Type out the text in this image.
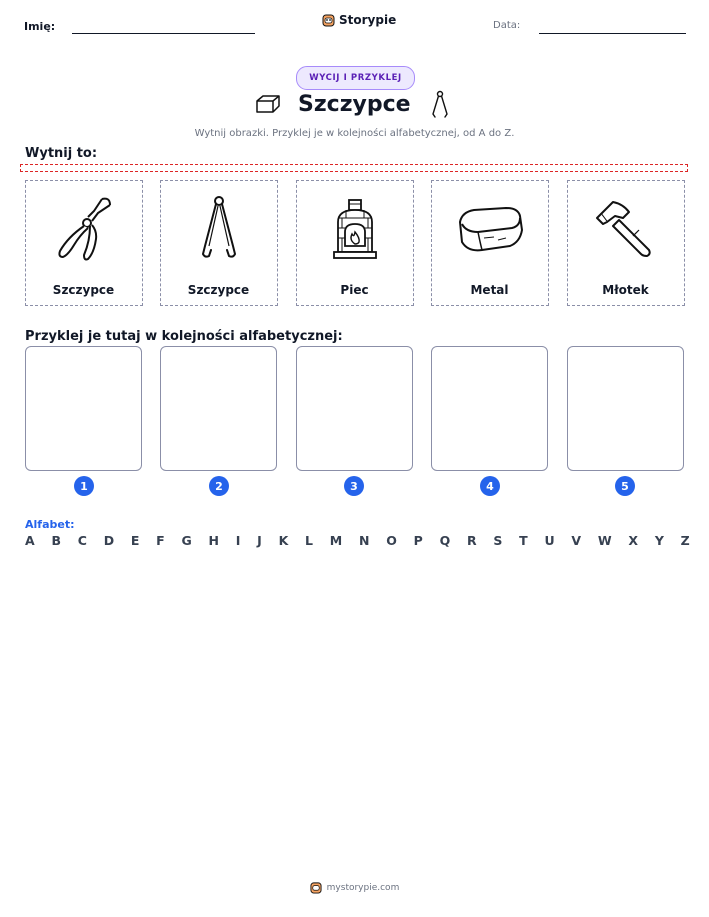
Imię:	Storypie	Data:
WYCIJ I PRZYKLEJ
Szczypce
Wytnij obrazki. Przyklej je w kolejności alfabetycznej, od A do Z.
Wytnij to:
Szczypce	Szczypce	Piec	Metal	Młotek
Przyklej je tutaj w kolejności alfabetycznej:
1	2	3	4	5
Alfabet:
A B C D E F G H I J K L M N O P Q R S T U V W X Y Z
mystorypie.com
